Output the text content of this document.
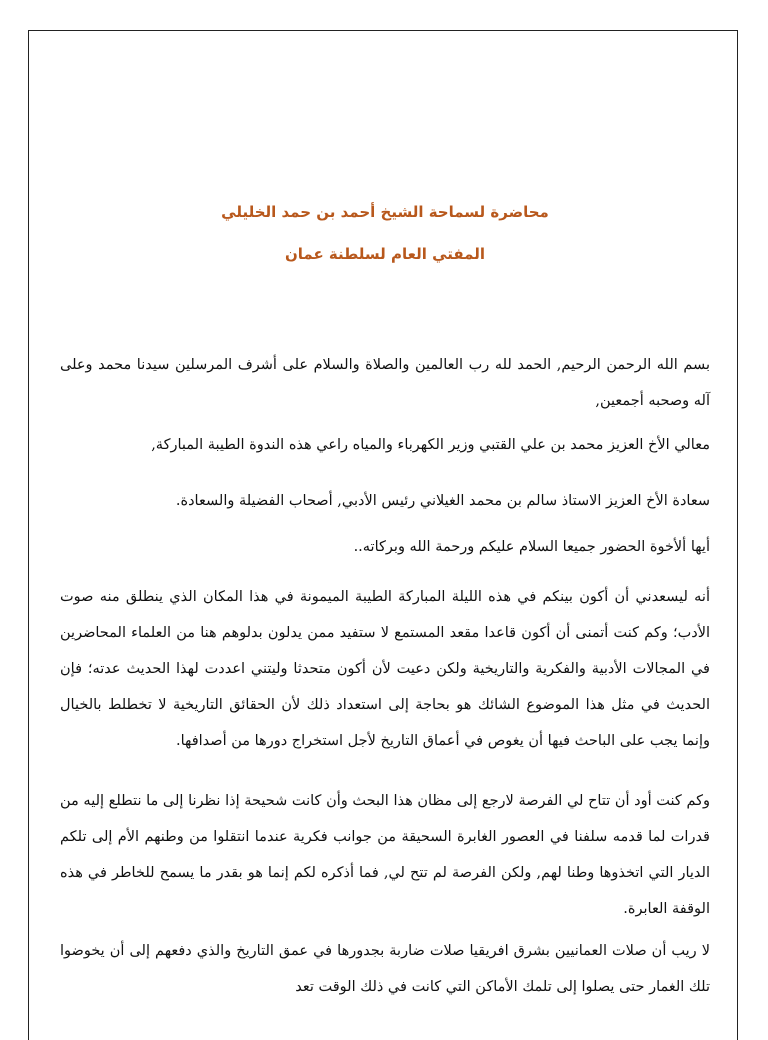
محاضرة لسماحة الشيخ أحمد بن حمد الخليلي
المفتي العام لسلطنة عمان

بسم الله الرحمن الرحيم, الحمد لله رب العالمين والصلاة والسلام على أشرف المرسلين سيدنا محمد وعلى آله وصحبه أجمعين,

معالي الأخ العزيز محمد بن علي القتبي وزير الكهرباء والمياه راعي هذه الندوة الطيبة المباركة,

سعادة الأخ العزيز الاستاذ سالم بن محمد الغيلاني رئيس الأدبي, أصحاب الفضيلة والسعادة.

أيها ألأخوة الحضور جميعا السلام عليكم ورحمة الله وبركاته..

أنه ليسعدني أن أكون بينكم في هذه الليلة المباركة الطيبة الميمونة في هذا المكان الذي ينطلق منه صوت الأدب؛ وكم كنت أتمنى أن أكون قاعدا مقعد المستمع لا ستفيد ممن يدلون بدلوهم هنا من العلماء المحاضرين في المجالات الأدبية والفكرية والتاريخية ولكن دعيت لأن أكون متحدثا وليتني اعددت لهذا الحديث عدته؛ فإن الحديث في مثل هذا الموضوع الشائك هو بحاجة إلى استعداد ذلك لأن الحقائق التاريخية لا تخطلط بالخيال وإنما يجب على الباحث فيها أن يغوص في أعماق التاريخ لأجل استخراج دورها من أصدافها.

وكم كنت أود أن تتاح لي الفرصة لارجع إلى مظان هذا البحث وأن كانت شحيحة إذا نظرنا إلى ما نتطلع إليه من قدرات لما قدمه سلفنا في العصور الغابرة السحيقة من جوانب فكرية عندما انتقلوا من وطنهم الأم إلى تلكم الديار التي اتخذوها وطنا لهم, ولكن الفرصة لم تتح لي, فما أذكره لكم إنما هو بقدر ما يسمح للخاطر في هذه الوقفة العابرة.

لا ريب أن صلات العمانيين بشرق افريقيا صلات ضاربة بجدورها في عمق التاريخ والذي دفعهم إلى أن يخوضوا تلك الغمار حتى يصلوا إلى تلمك الأماكن التي كانت في ذلك الوقت تعد
